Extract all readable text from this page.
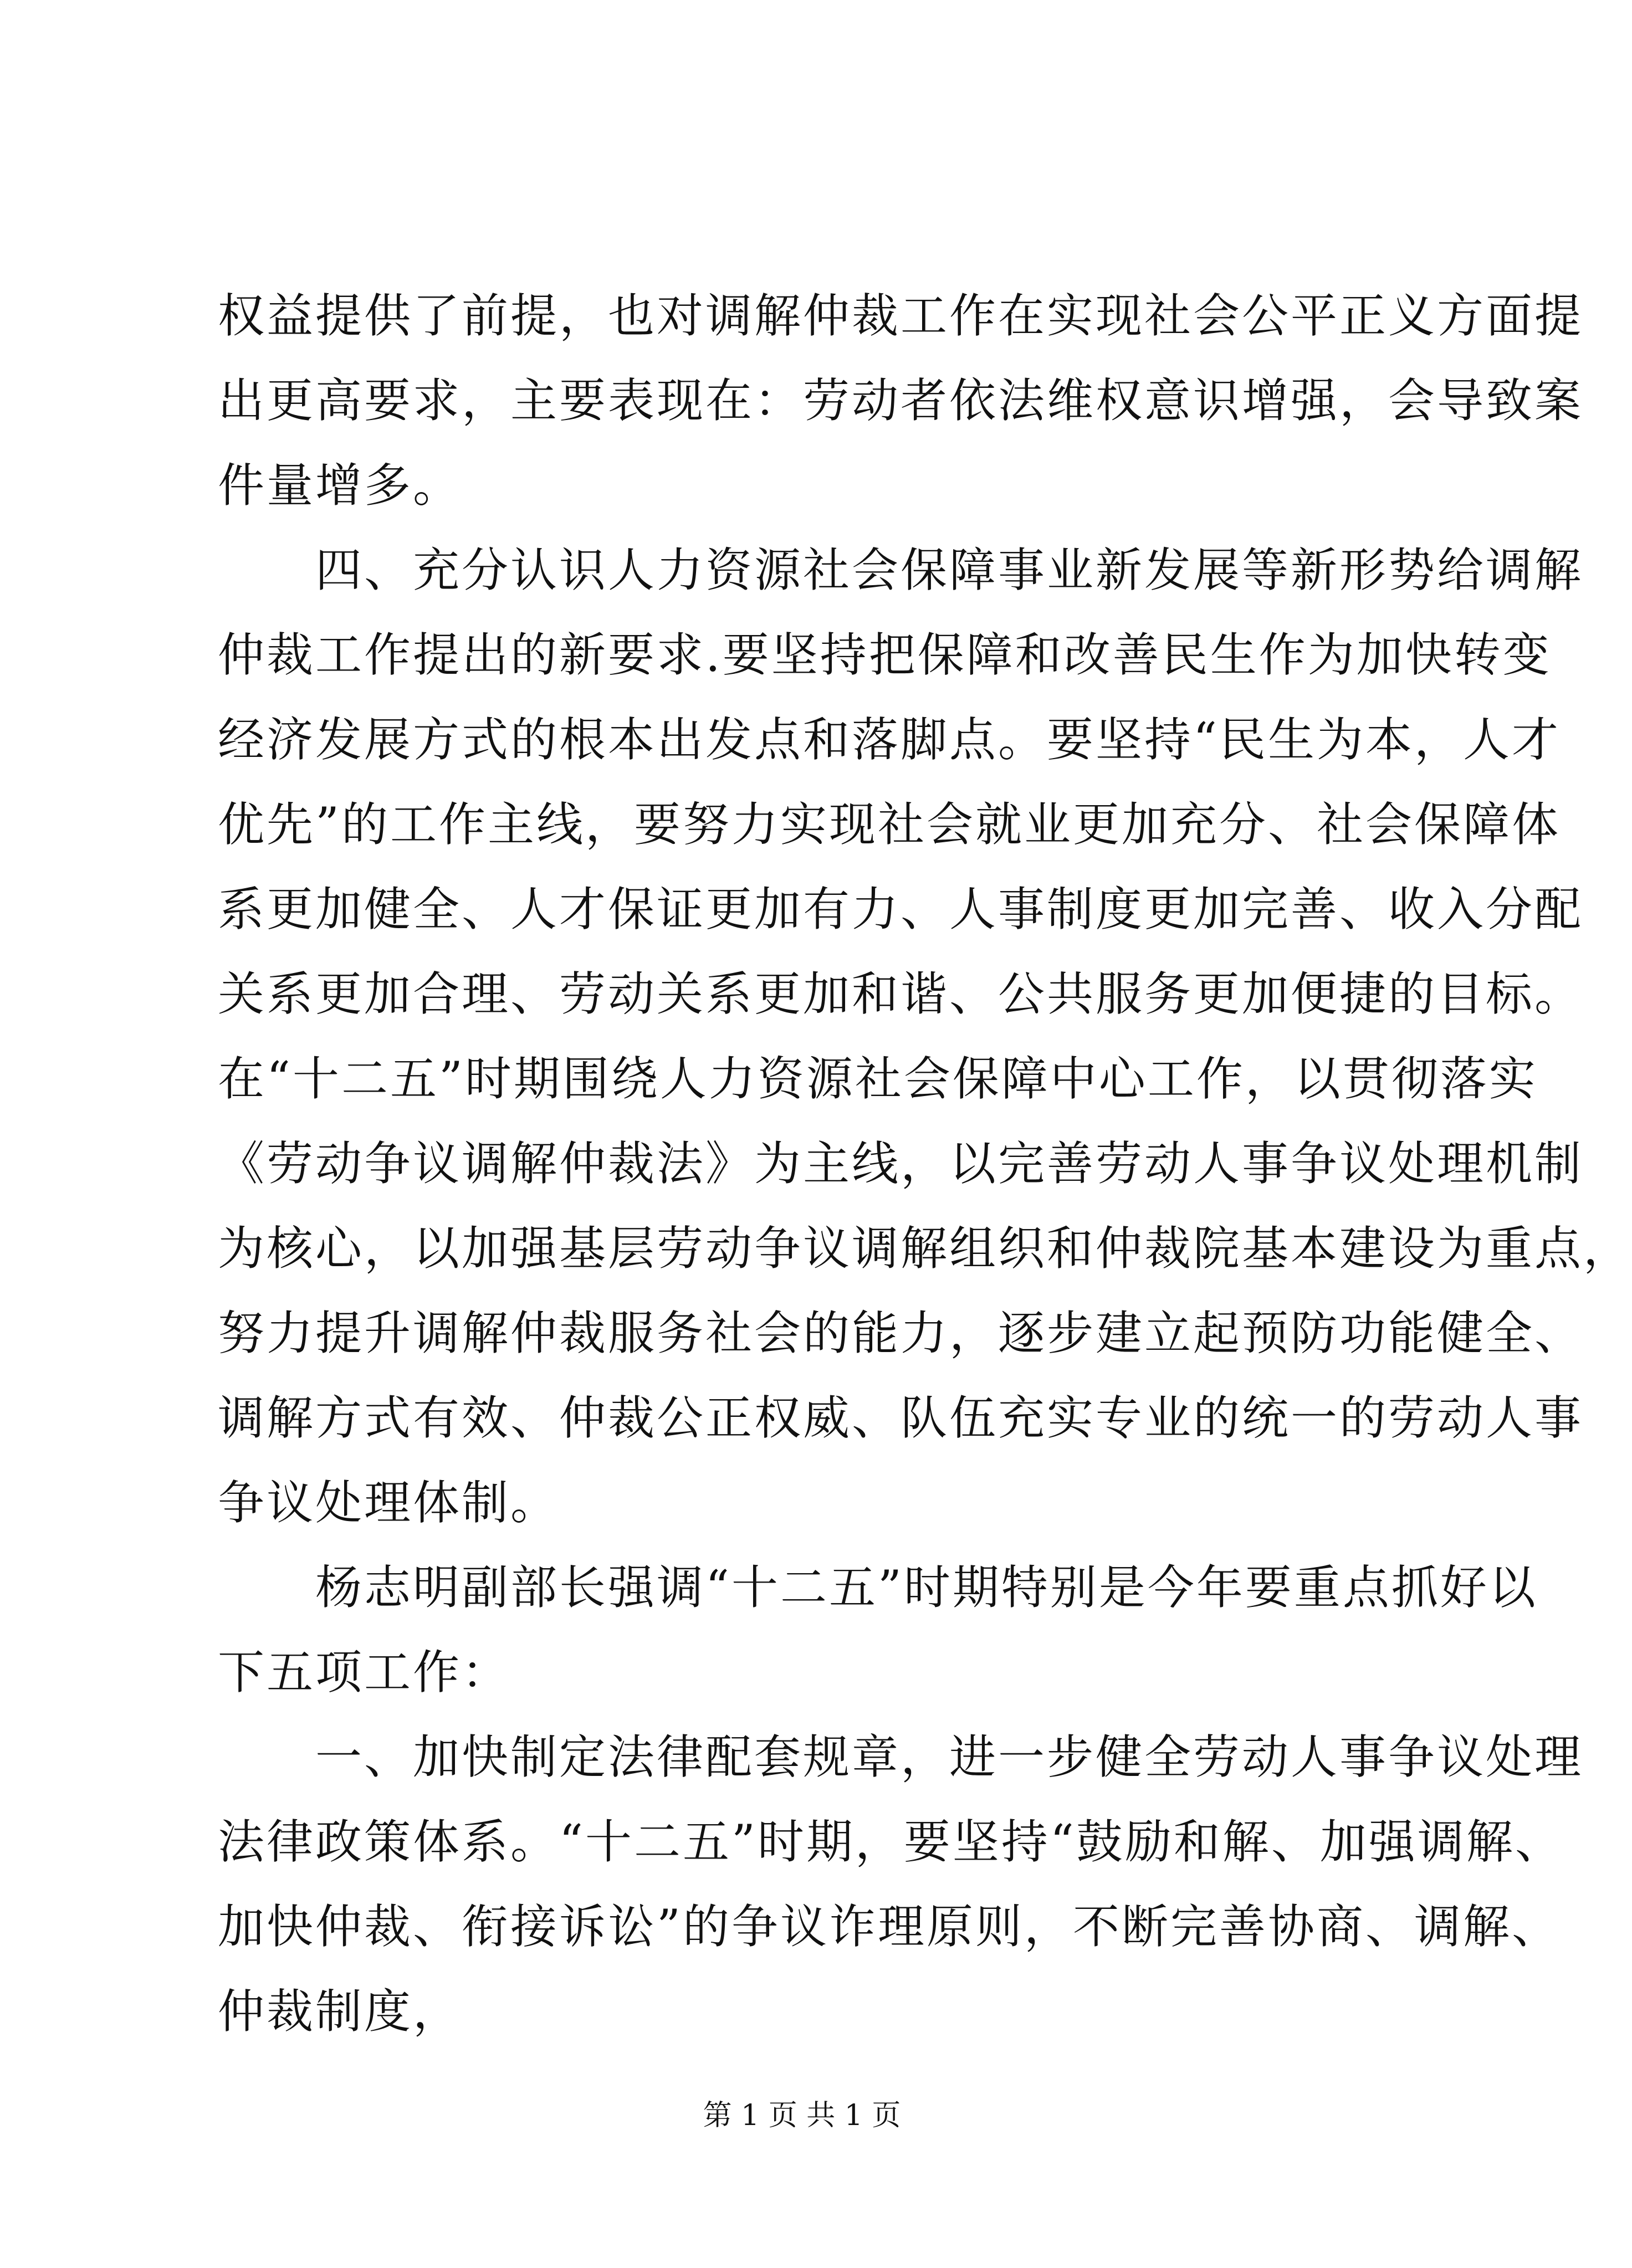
权益提供了前提，也对调解仲裁工作在实现社会公平正义方面提
出更高要求，主要表现在：劳动者依法维权意识增强，会导致案
件量增多。
　　四、充分认识人力资源社会保障事业新发展等新形势给调解
仲裁工作提出的新要求.要坚持把保障和改善民生作为加快转变
经济发展方式的根本出发点和落脚点。要坚持“民生为本，人才
优先”的工作主线，要努力实现社会就业更加充分、社会保障体
系更加健全、人才保证更加有力、人事制度更加完善、收入分配
关系更加合理、劳动关系更加和谐、公共服务更加便捷的目标。
在“十二五”时期围绕人力资源社会保障中心工作，以贯彻落实
《劳动争议调解仲裁法》为主线，以完善劳动人事争议处理机制
为核心，以加强基层劳动争议调解组织和仲裁院基本建设为重点，
努力提升调解仲裁服务社会的能力，逐步建立起预防功能健全、
调解方式有效、仲裁公正权威、队伍充实专业的统一的劳动人事
争议处理体制。
　　杨志明副部长强调“十二五”时期特别是今年要重点抓好以
下五项工作：
　　一、加快制定法律配套规章，进一步健全劳动人事争议处理
法律政策体系。“十二五”时期，要坚持“鼓励和解、加强调解、
加快仲裁、衔接诉讼”的争议诈理原则，不断完善协商、调解、
仲裁制度，
第 1 页 共 1 页
